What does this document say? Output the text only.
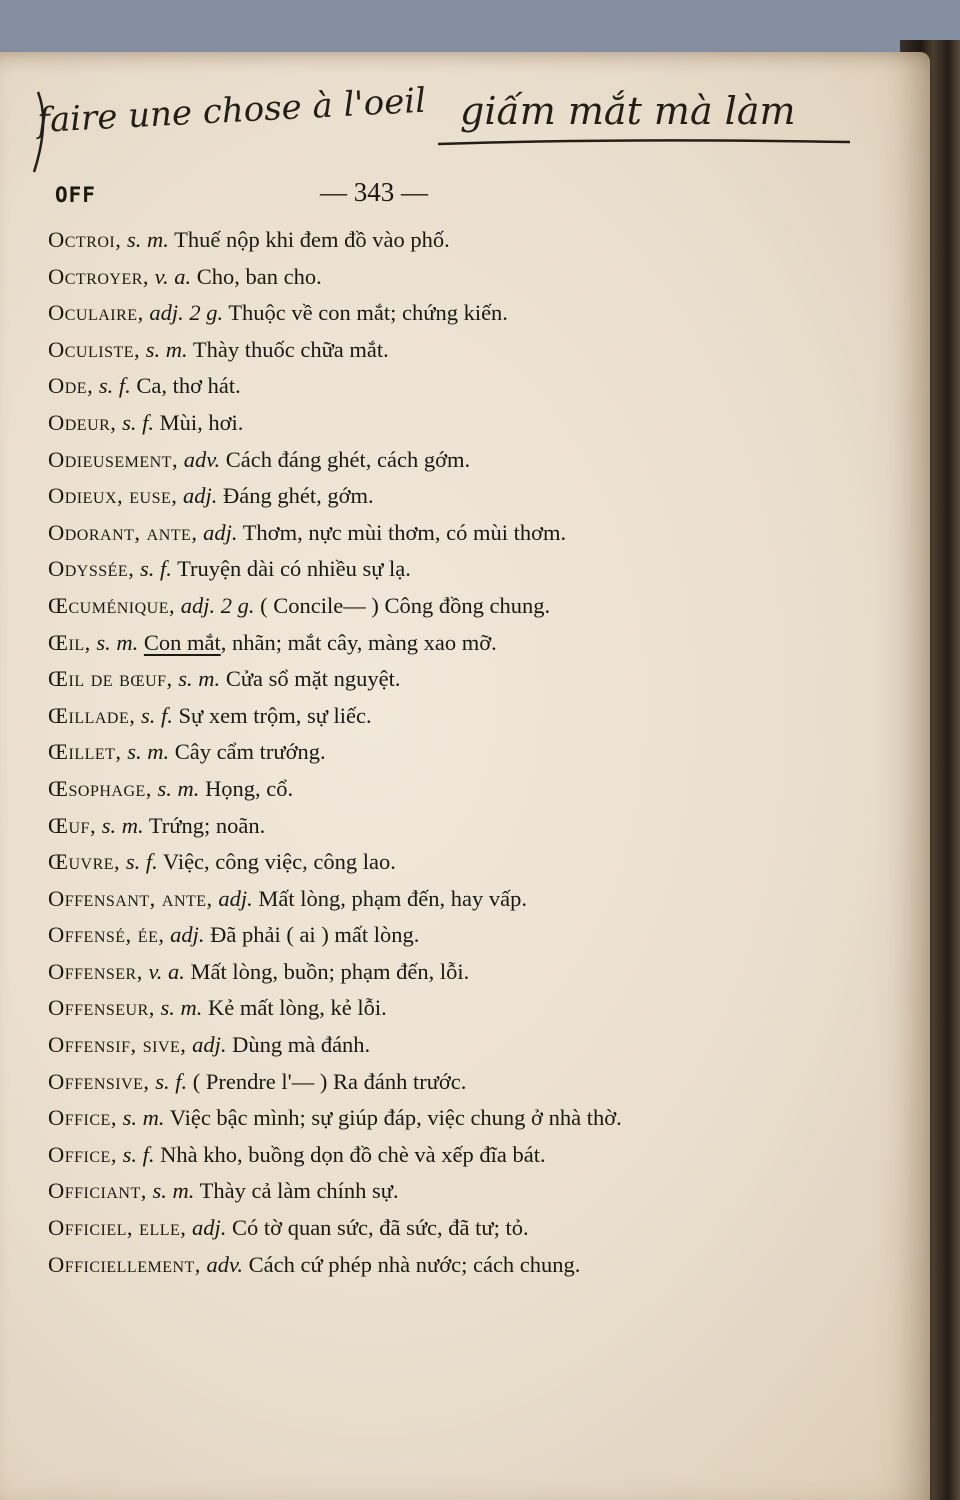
faire une chose à l'oeil giấm mắt mà làm
OFF	— 343 —
Octroi, s. m. Thuế nộp khi đem đồ vào phố.
Octroyer, v. a. Cho, ban cho.
Oculaire, adj. 2 g. Thuộc về con mắt; chứng kiến.
Oculiste, s. m. Thày thuốc chữa mắt.
Ode, s. f. Ca, thơ hát.
Odeur, s. f. Mùi, hơi.
Odieusement, adv. Cách đáng ghét, cách gớm.
Odieux, euse, adj. Đáng ghét, gớm.
Odorant, ante, adj. Thơm, nực mùi thơm, có mùi thơm.
Odyssée, s. f. Truyện dài có nhiều sự lạ.
Œcuménique, adj. 2 g. ( Concile— ) Công đồng chung.
Œil, s. m. Con mắt, nhãn; mắt cây, màng xao mỡ.
Œil de bœuf, s. m. Cửa sổ mặt nguyệt.
Œillade, s. f. Sự xem trộm, sự liếc.
Œillet, s. m. Cây cẩm trướng.
Œsophage, s. m. Họng, cổ.
Œuf, s. m. Trứng; noãn.
Œuvre, s. f. Việc, công việc, công lao.
Offensant, ante, adj. Mất lòng, phạm đến, hay vấp.
Offensé, ée, adj. Đã phải ( ai ) mất lòng.
Offenser, v. a. Mất lòng, buồn; phạm đến, lỗi.
Offenseur, s. m. Kẻ mất lòng, kẻ lỗi.
Offensif, sive, adj. Dùng mà đánh.
Offensive, s. f. ( Prendre l'— ) Ra đánh trước.
Office, s. m. Việc bậc mình; sự giúp đáp, việc chung ở nhà thờ.
Office, s. f. Nhà kho, buồng dọn đồ chè và xếp đĩa bát.
Officiant, s. m. Thày cả làm chính sự.
Officiel, elle, adj. Có tờ quan sức, đã sức, đã tư; tỏ.
Officiellement, adv. Cách cứ phép nhà nước; cách chung.
